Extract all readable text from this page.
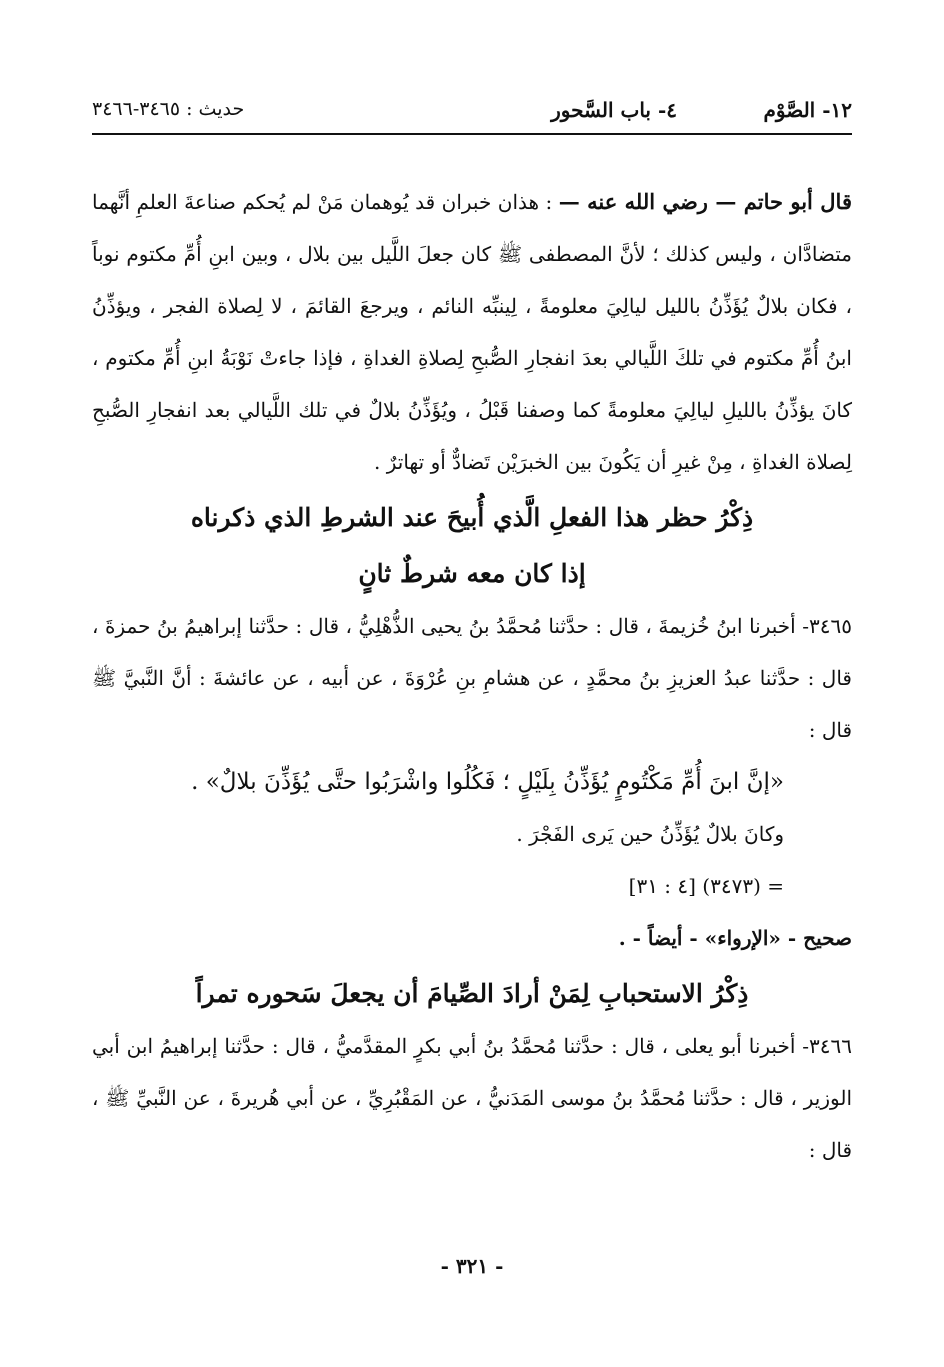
١٢- الصَّوْم
٤- باب السَّحور
حديث : ٣٤٦٥-٣٤٦٦

قال أبو حاتم — رضي الله عنه — : هذان خبران قد يُوهمان مَنْ لم يُحكم صناعةَ العلمِ أنَّهما متضادَّان ، وليس كذلك ؛ لأنَّ المصطفى ﷺ كان جعلَ اللَّيل بين بلال ، وبين ابنِ أُمِّ مكتوم نوباً ، فكان بلالٌ يُؤَذِّنُ بالليل ليالِيَ معلومةً ، لِينبِّه النائم ، ويرجعَ القائمَ ، لا لِصلاة الفجر ، ويؤذِّنُ ابنُ أُمِّ مكتوم في تلكَ اللَّيالي بعدَ انفجارِ الصُّبحِ لِصلاةِ الغداةِ ، فإذا جاءتْ نَوْبَةُ ابنِ أُمِّ مكتوم ، كانَ يؤذِّنُ بالليلِ ليالِيَ معلومةً كما وصفنا قَبْلُ ، ويُؤَذِّنُ بلالٌ في تلك اللَّيالي بعد انفجارِ الصُّبحِ لِصلاة الغداةِ ، مِنْ غيرِ أن يَكُونَ بين الخبرَيْن تَضادٌّ أو تهاترٌ .

ذِكْرُ حظر هذا الفعلِ الَّذي أُبيحَ عند الشرطِ الذي ذكرناه
إذا كان معه شرطٌ ثانٍ

٣٤٦٥- أخبرنا ابنُ خُزيمةَ ، قال : حدَّثنا مُحمَّدُ بنُ يحيى الذُّهْلِيُّ ، قال : حدَّثنا إبراهيمُ بنُ حمزةَ ، قال : حدَّثنا عبدُ العزيزِ بنُ محمَّدٍ ، عن هشامِ بنِ عُرْوَةَ ، عن أبيه ، عن عائشةَ : أنَّ النَّبيَّ ﷺ قال :

«إنَّ ابنَ أُمِّ مَكْتُومٍ يُؤَذِّنُ بِلَيْلٍ ؛ فَكُلُوا واشْرَبُوا حتَّى يُؤَذِّنَ بلالٌ» .

وكانَ بلالٌ يُؤَذِّنُ حين يَرى الفَجْرَ .

= (٣٤٧٣) [٤ : ٣١]

صحيح - «الإرواء» - أيضاً - .

ذِكْرُ الاستحبابِ لِمَنْ أرادَ الصِّيامَ أن يجعلَ سَحوره تمراً

٣٤٦٦- أخبرنا أبو يعلى ، قال : حدَّثنا مُحمَّدُ بنُ أبي بكرٍ المقدَّميُّ ، قال : حدَّثنا إبراهيمُ ابن أبي الوزير ، قال : حدَّثنا مُحمَّدُ بنُ موسى المَدَنيُّ ، عن المَقْبُرِيِّ ، عن أبي هُريرةَ ، عن النَّبيِّ ﷺ ، قال :

- ٣٢١ -
